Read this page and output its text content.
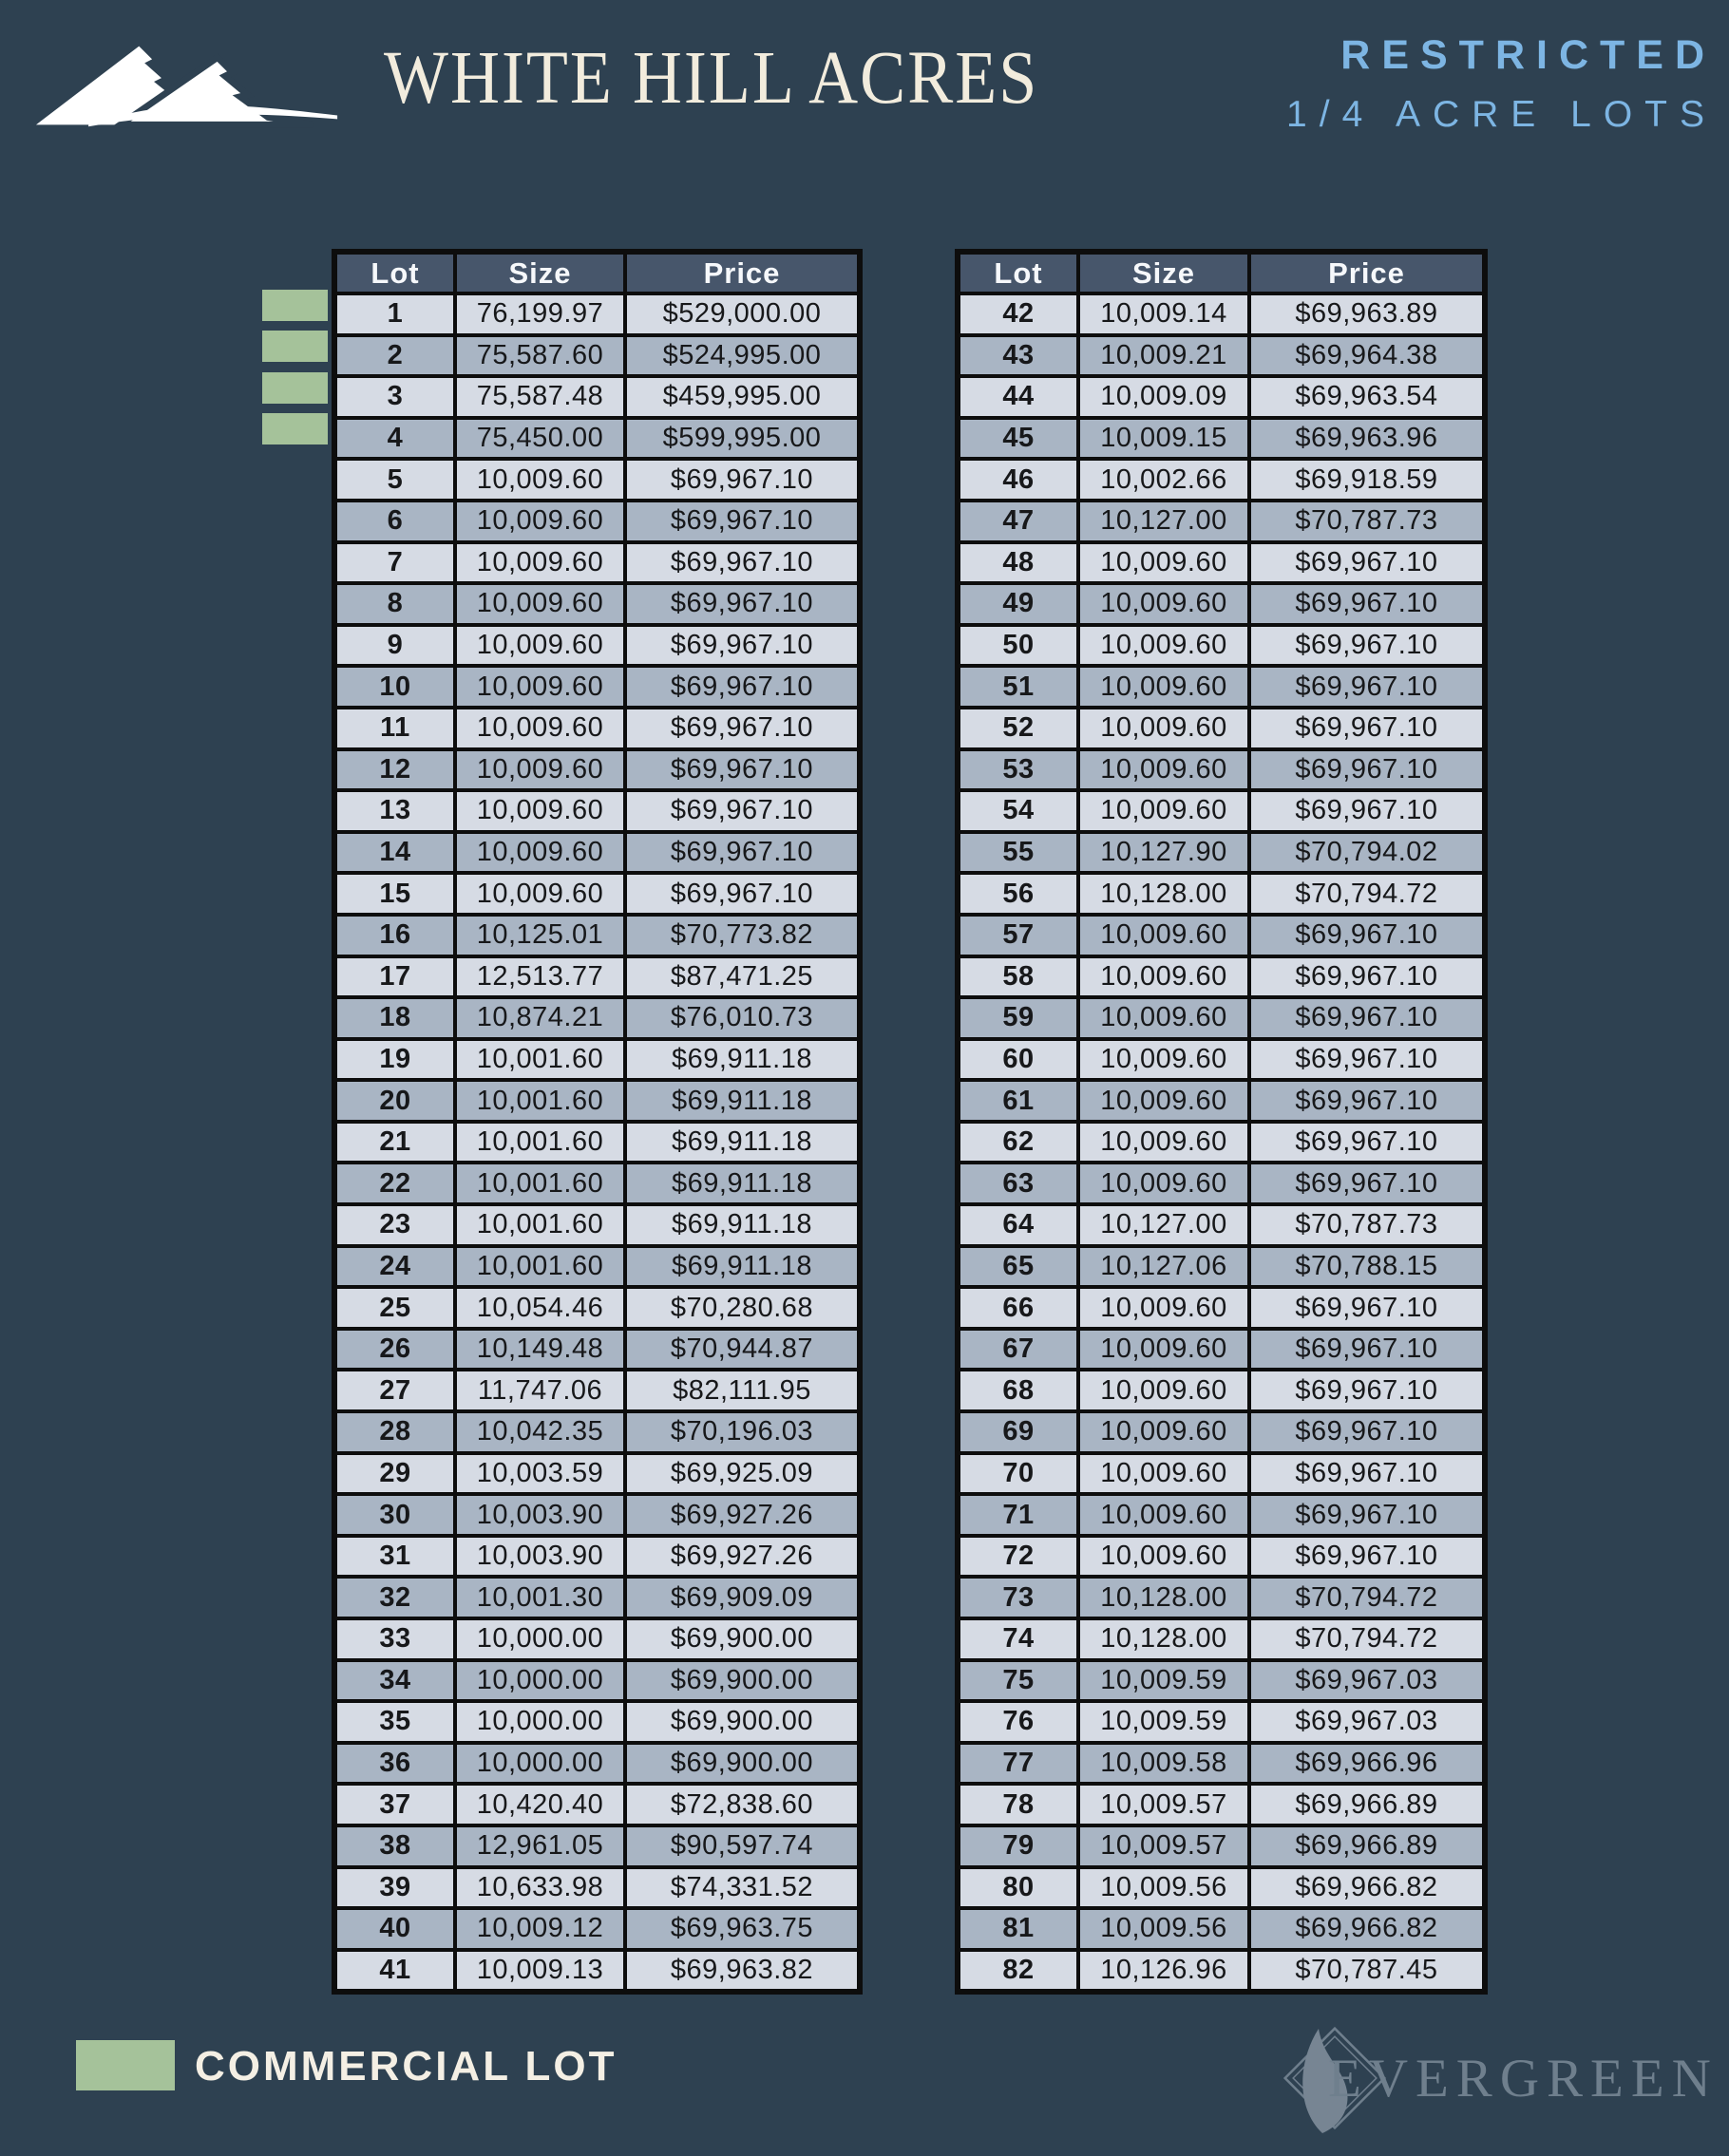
WHITE HILL ACRES	RESTRICTED
1/4 ACRE LOTS
Lot	Size	Price
1	76,199.97	$529,000.00
2	75,587.60	$524,995.00
3	75,587.48	$459,995.00
4	75,450.00	$599,995.00
5	10,009.60	$69,967.10
6	10,009.60	$69,967.10
7	10,009.60	$69,967.10
8	10,009.60	$69,967.10
9	10,009.60	$69,967.10
10	10,009.60	$69,967.10
11	10,009.60	$69,967.10
12	10,009.60	$69,967.10
13	10,009.60	$69,967.10
14	10,009.60	$69,967.10
15	10,009.60	$69,967.10
16	10,125.01	$70,773.82
17	12,513.77	$87,471.25
18	10,874.21	$76,010.73
19	10,001.60	$69,911.18
20	10,001.60	$69,911.18
21	10,001.60	$69,911.18
22	10,001.60	$69,911.18
23	10,001.60	$69,911.18
24	10,001.60	$69,911.18
25	10,054.46	$70,280.68
26	10,149.48	$70,944.87
27	11,747.06	$82,111.95
28	10,042.35	$70,196.03
29	10,003.59	$69,925.09
30	10,003.90	$69,927.26
31	10,003.90	$69,927.26
32	10,001.30	$69,909.09
33	10,000.00	$69,900.00
34	10,000.00	$69,900.00
35	10,000.00	$69,900.00
36	10,000.00	$69,900.00
37	10,420.40	$72,838.60
38	12,961.05	$90,597.74
39	10,633.98	$74,331.52
40	10,009.12	$69,963.75
41	10,009.13	$69,963.82
Lot	Size	Price
42	10,009.14	$69,963.89
43	10,009.21	$69,964.38
44	10,009.09	$69,963.54
45	10,009.15	$69,963.96
46	10,002.66	$69,918.59
47	10,127.00	$70,787.73
48	10,009.60	$69,967.10
49	10,009.60	$69,967.10
50	10,009.60	$69,967.10
51	10,009.60	$69,967.10
52	10,009.60	$69,967.10
53	10,009.60	$69,967.10
54	10,009.60	$69,967.10
55	10,127.90	$70,794.02
56	10,128.00	$70,794.72
57	10,009.60	$69,967.10
58	10,009.60	$69,967.10
59	10,009.60	$69,967.10
60	10,009.60	$69,967.10
61	10,009.60	$69,967.10
62	10,009.60	$69,967.10
63	10,009.60	$69,967.10
64	10,127.00	$70,787.73
65	10,127.06	$70,788.15
66	10,009.60	$69,967.10
67	10,009.60	$69,967.10
68	10,009.60	$69,967.10
69	10,009.60	$69,967.10
70	10,009.60	$69,967.10
71	10,009.60	$69,967.10
72	10,009.60	$69,967.10
73	10,128.00	$70,794.72
74	10,128.00	$70,794.72
75	10,009.59	$69,967.03
76	10,009.59	$69,967.03
77	10,009.58	$69,966.96
78	10,009.57	$69,966.89
79	10,009.57	$69,966.89
80	10,009.56	$69,966.82
81	10,009.56	$69,966.82
82	10,126.96	$70,787.45
COMMERCIAL LOT	EVERGREEN
